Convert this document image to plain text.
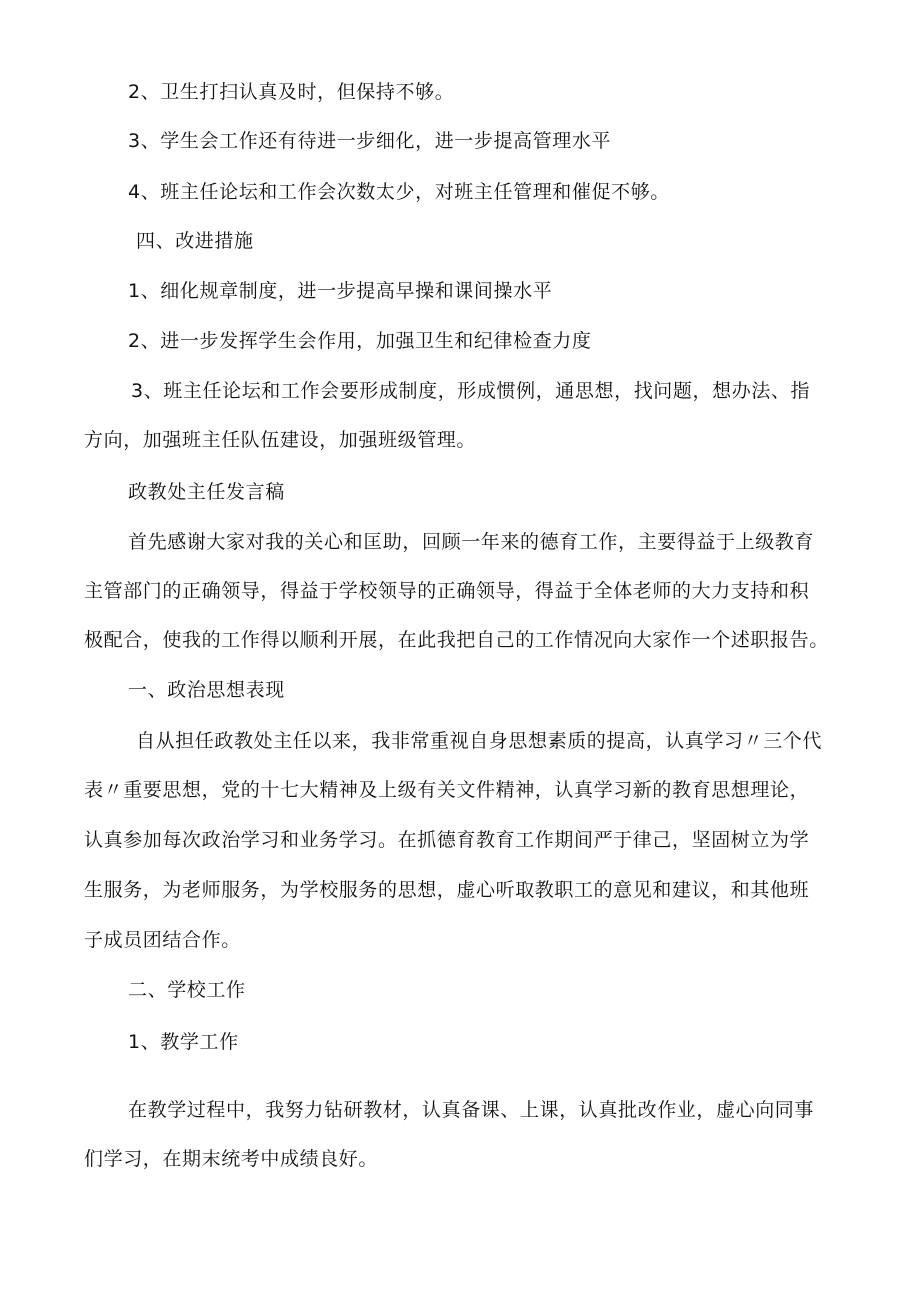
2、卫生打扫认真及时，但保持不够。
3、学生会工作还有待进一步细化，进一步提高管理水平
4、班主任论坛和工作会次数太少，对班主任管理和催促不够。
四、改进措施
1、细化规章制度，进一步提高早操和课间操水平
2、进一步发挥学生会作用，加强卫生和纪律检查力度
3、班主任论坛和工作会要形成制度，形成惯例，通思想，找问题，想办法、指
方向，加强班主任队伍建设，加强班级管理。
政教处主任发言稿
首先感谢大家对我的关心和匡助，回顾一年来的德育工作，主要得益于上级教育
主管部门的正确领导，得益于学校领导的正确领导，得益于全体老师的大力支持和积
极配合，使我的工作得以顺利开展，在此我把自己的工作情况向大家作一个述职报告。
一、政治思想表现
自从担任政教处主任以来，我非常重视自身思想素质的提高，认真学习〃三个代
表〃重要思想，党的十七大精神及上级有关文件精神，认真学习新的教育思想理论，
认真参加每次政治学习和业务学习。在抓德育教育工作期间严于律己，坚固树立为学
生服务，为老师服务，为学校服务的思想，虚心听取教职工的意见和建议，和其他班
子成员团结合作。
二、学校工作
1、教学工作
在教学过程中，我努力钻研教材，认真备课、上课，认真批改作业，虚心向同事
们学习，在期末统考中成绩良好。
